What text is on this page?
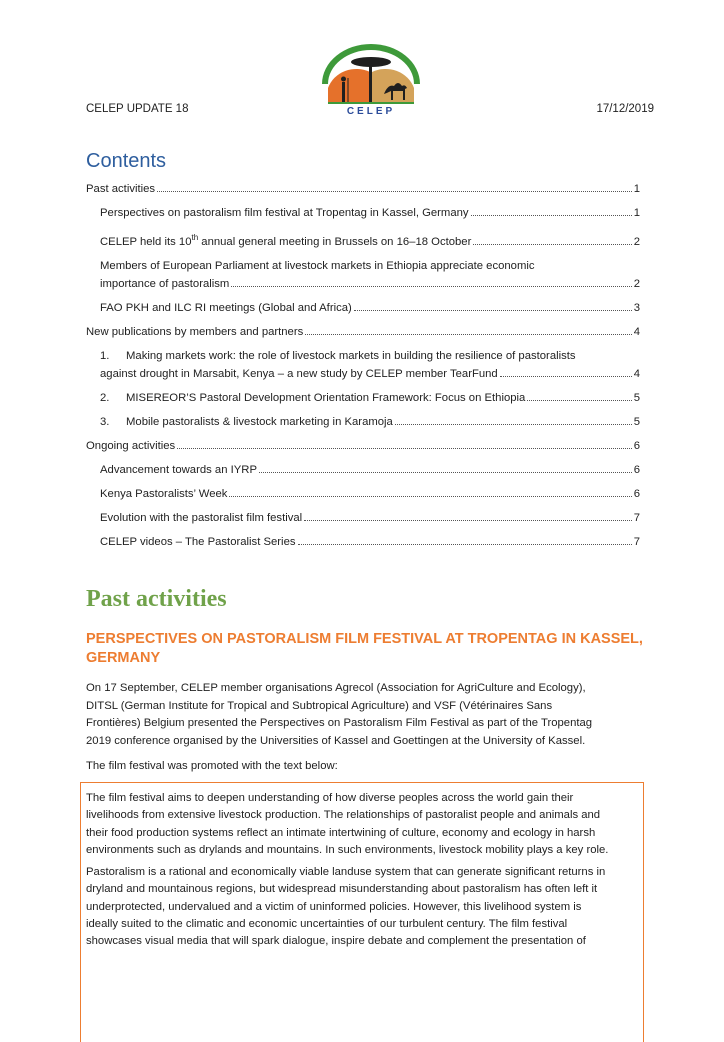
CELEP UPDATE 18	CELEP	17/12/2019
Contents
Past activities	1
Perspectives on pastoralism film festival at Tropentag in Kassel, Germany	1
CELEP held its 10th annual general meeting in Brussels on 16–18 October	2
Members of European Parliament at livestock markets in Ethiopia appreciate economic
importance of pastoralism	2
FAO PKH and ILC RI meetings (Global and Africa)	3
New publications by members and partners	4
1. Making markets work: the role of livestock markets in building the resilience of pastoralists
against drought in Marsabit, Kenya – a new study by CELEP member TearFund	4
2. MISEREOR’S Pastoral Development Orientation Framework: Focus on Ethiopia	5
3. Mobile pastoralists & livestock marketing in Karamoja	5
Ongoing activities	6
Advancement towards an IYRP	6
Kenya Pastoralists’ Week	6
Evolution with the pastoralist film festival	7
CELEP videos – The Pastoralist Series	7
Past activities
PERSPECTIVES ON PASTORALISM FILM FESTIVAL AT TROPENTAG IN KASSEL, GERMANY
On 17 September, CELEP member organisations Agrecol (Association for AgriCulture and Ecology),
DITSL (German Institute for Tropical and Subtropical Agriculture) and VSF (Vétérinaires Sans
Frontières) Belgium presented the Perspectives on Pastoralism Film Festival as part of the Tropentag
2019 conference organised by the Universities of Kassel and Goettingen at the University of Kassel.
The film festival was promoted with the text below:
The film festival aims to deepen understanding of how diverse peoples across the world gain their
livelihoods from extensive livestock production. The relationships of pastoralist people and animals and
their food production systems reflect an intimate intertwining of culture, economy and ecology in harsh
environments such as drylands and mountains. In such environments, livestock mobility plays a key role.
Pastoralism is a rational and economically viable landuse system that can generate significant returns in
dryland and mountainous regions, but widespread misunderstanding about pastoralism has often left it
underprotected, undervalued and a victim of uninformed policies. However, this livelihood system is
ideally suited to the climatic and economic uncertainties of our turbulent century. The film festival
showcases visual media that will spark dialogue, inspire debate and complement the presentation of
